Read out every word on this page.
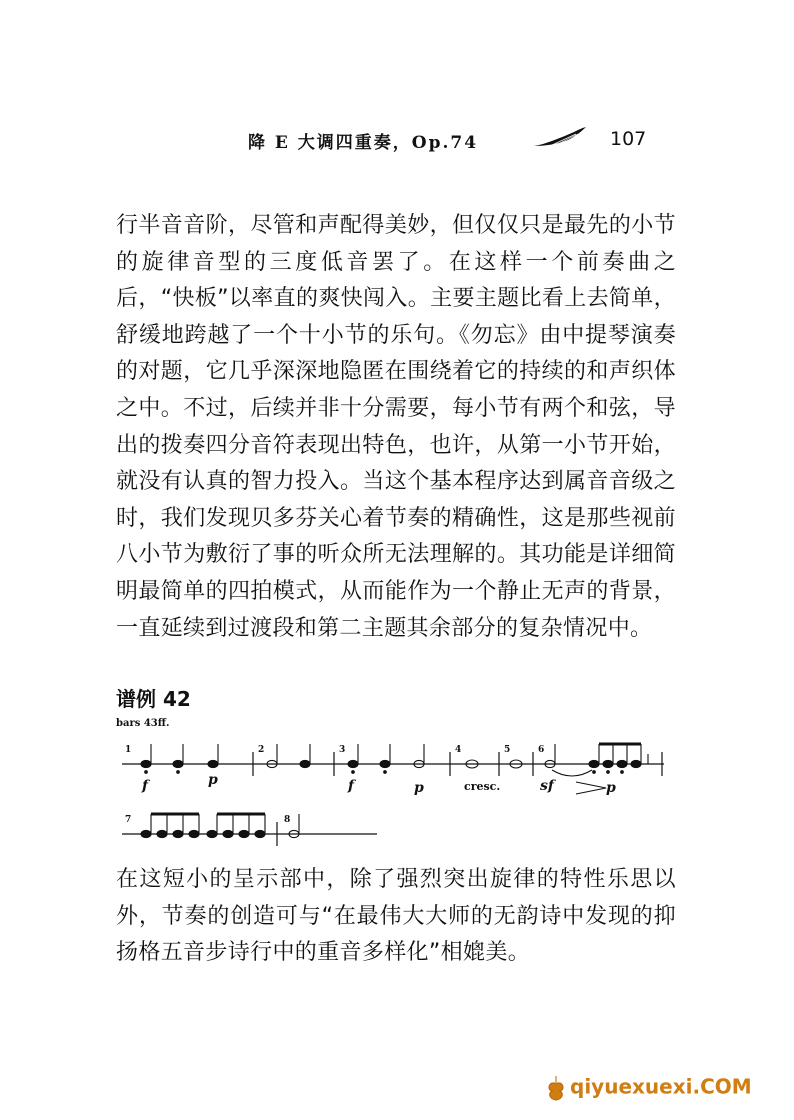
降 E 大调四重奏，Op.74	107

行半音音阶，尽管和声配得美妙，但仅仅只是最先的小节的旋律音型的三度低音罢了。在这样一个前奏曲之后，“快板”以率直的爽快闯入。主要主题比看上去简单，舒缓地跨越了一个十小节的乐句。《勿忘》由中提琴演奏的对题，它几乎深深地隐匿在围绕着它的持续的和声织体之中。不过，后续并非十分需要，每小节有两个和弦，导出的拨奏四分音符表现出特色，也许，从第一小节开始，就没有认真的智力投入。当这个基本程序达到属音音级之时，我们发现贝多芬关心着节奏的精确性，这是那些视前八小节为敷衍了事的听众所无法理解的。其功能是详细简明最简单的四拍模式，从而能作为一个静止无声的背景，一直延续到过渡段和第二主题其余部分的复杂情况中。

谱例 42
bars 43ff.
1	2	3	4	5	6
f	p	f	p	cresc.	sf	p
7	8

在这短小的呈示部中，除了强烈突出旋律的特性乐思以外，节奏的创造可与“在最伟大大师的无韵诗中发现的抑扬格五音步诗行中的重音多样化”相媲美。

qiyuexuexi.COM
